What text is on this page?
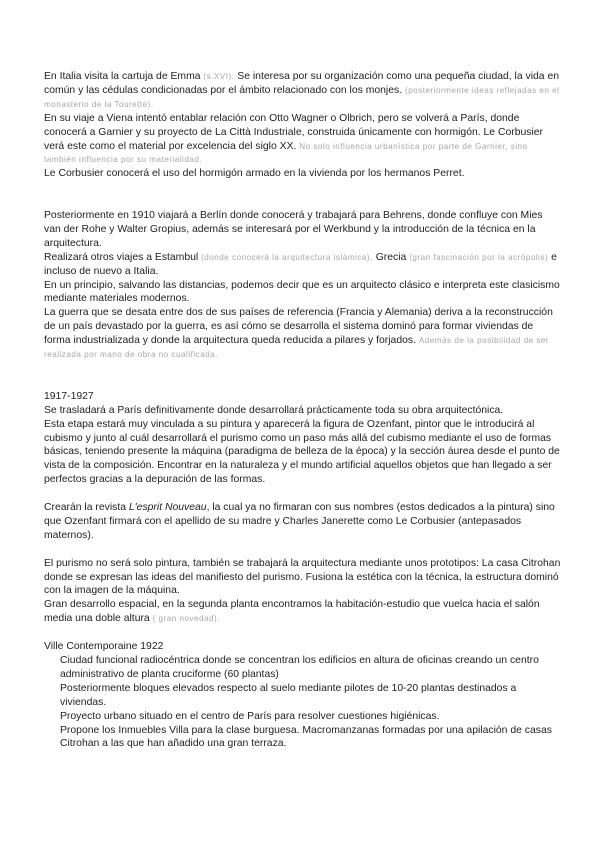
En Italia visita la cartuja de Emma (s.XVI). Se interesa por su organización como una pequeña ciudad, la vida en común y las cédulas condicionadas por el ámbito relacionado con los monjes. (posteriormente ideas reflejadas en el monasterio de la Tourette).

En su viaje a Viena intentó entablar relación con Otto Wagner o Olbrich, pero se volverá a París, donde conocerá a Garnier y su proyecto de La Città Industriale, construida únicamente con hormigón. Le Corbusier verá este como el material por excelencia del siglo XX. No solo influencia urbanística por parte de Garnier, sino también influencia por su materialidad.

Le Corbusier conocerá el uso del hormigón armado en la vivienda por los hermanos Perret.

Posteriormente en 1910 viajará a Berlín donde conocerá y trabajará para Behrens, donde confluye con Mies van der Rohe y Walter Gropius, además se interesará por el Werkbund y la introducción de la técnica en la arquitectura.

Realizará otros viajes a Estambul (donde conocerá la arquitectura islámica), Grecia (gran fascinación por la acrópolis) e incluso de nuevo a Italia.

En un principio, salvando las distancias, podemos decir que es un arquitecto clásico e interpreta este clasicismo mediante materiales modernos.

La guerra que se desata entre dos de sus países de referencia (Francia y Alemania) deriva a la reconstrucción de un país devastado por la guerra, es así cómo se desarrolla el sistema dominó para formar viviendas de forma industrializada y donde la arquitectura queda reducida a pilares y forjados. Además de la posibilidad de ser realizada por mano de obra no cualificada.

1917-1927

Se trasladará a París definitivamente donde desarrollará prácticamente toda su obra arquitectónica.

Esta etapa estará muy vinculada a su pintura y aparecerá la figura de Ozenfant, pintor que le introducirá al cubismo y junto al cuál desarrollará el purismo como un paso más allá del cubismo mediante el uso de formas básicas, teniendo presente la máquina (paradigma de belleza de la época) y la sección áurea desde el punto de vista de la composición. Encontrar en la naturaleza y el mundo artificial aquellos objetos que han llegado a ser perfectos gracias a la depuración de las formas.

Crearán la revista L'esprit Nouveau, la cual ya no firmaran con sus nombres (estos dedicados a la pintura) sino que Ozenfant firmará con el apellido de su madre y Charles Janerette como Le Corbusier (antepasados maternos).

El purismo no será solo pintura, también se trabajará la arquitectura mediante unos prototipos: La casa Citrohan donde se expresan las ideas del manifiesto del purismo. Fusiona la estética con la técnica, la estructura dominó con la imagen de la máquina.

Gran desarrollo espacial, en la segunda planta encontramos la habitación-estudio que vuelca hacia el salón media una doble altura ( gran novedad).

Ville Contemporaine 1922

Ciudad funcional radiocéntrica donde se concentran los edificios en altura de oficinas creando un centro administrativo de planta cruciforme (60 plantas)
Posteriormente bloques elevados respecto al suelo mediante pilotes de 10-20 plantas destinados a viviendas.
Proyecto urbano situado en el centro de París para resolver cuestiones higiénicas.
Propone los Inmuebles Villa para la clase burguesa. Macromanzanas formadas por una apilación de casas Citrohan a las que han añadido una gran terraza.
